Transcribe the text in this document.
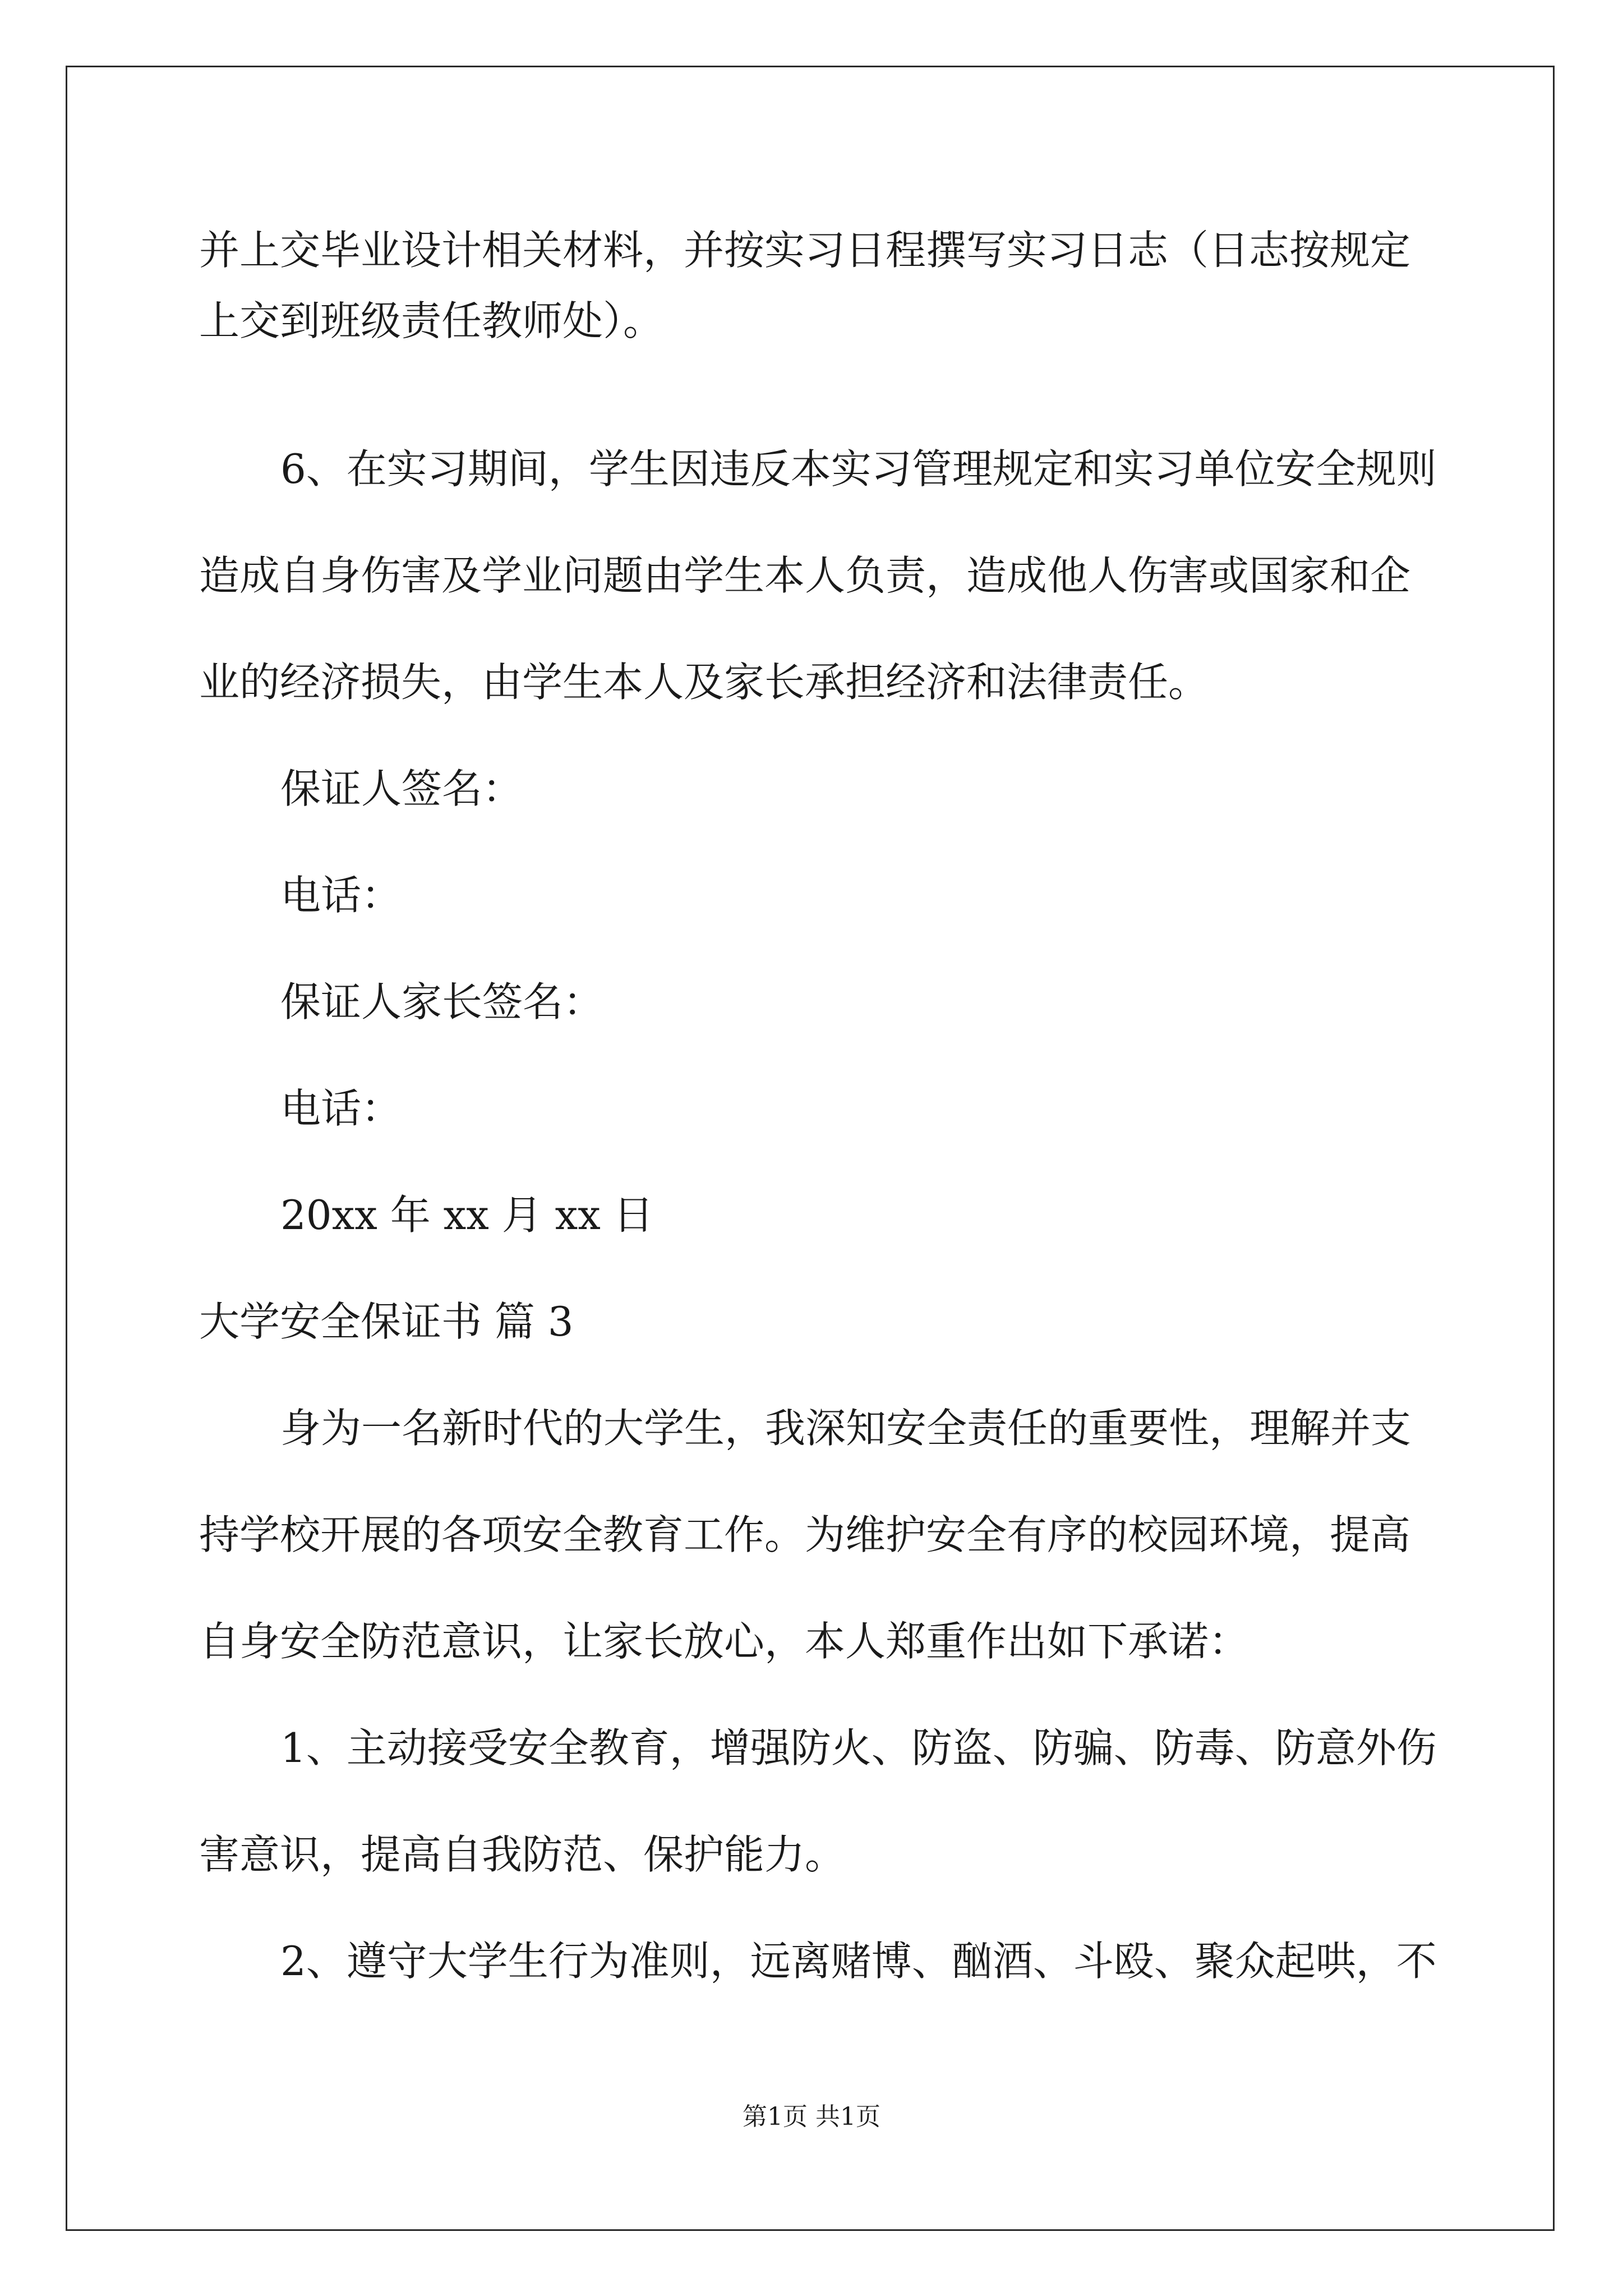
并上交毕业设计相关材料，并按实习日程撰写实习日志（日志按规定
上交到班级责任教师处）。
6、在实习期间，学生因违反本实习管理规定和实习单位安全规则
造成自身伤害及学业问题由学生本人负责，造成他人伤害或国家和企
业的经济损失，由学生本人及家长承担经济和法律责任。
保证人签名：
电话：
保证人家长签名：
电话：
20xx 年 xx 月 xx 日
大学安全保证书 篇 3
身为一名新时代的大学生，我深知安全责任的重要性，理解并支
持学校开展的各项安全教育工作。为维护安全有序的校园环境，提高
自身安全防范意识，让家长放心，本人郑重作出如下承诺：
1、主动接受安全教育，增强防火、防盗、防骗、防毒、防意外伤
害意识，提高自我防范、保护能力。
2、遵守大学生行为准则，远离赌博、酗酒、斗殴、聚众起哄，不
第1页 共1页
